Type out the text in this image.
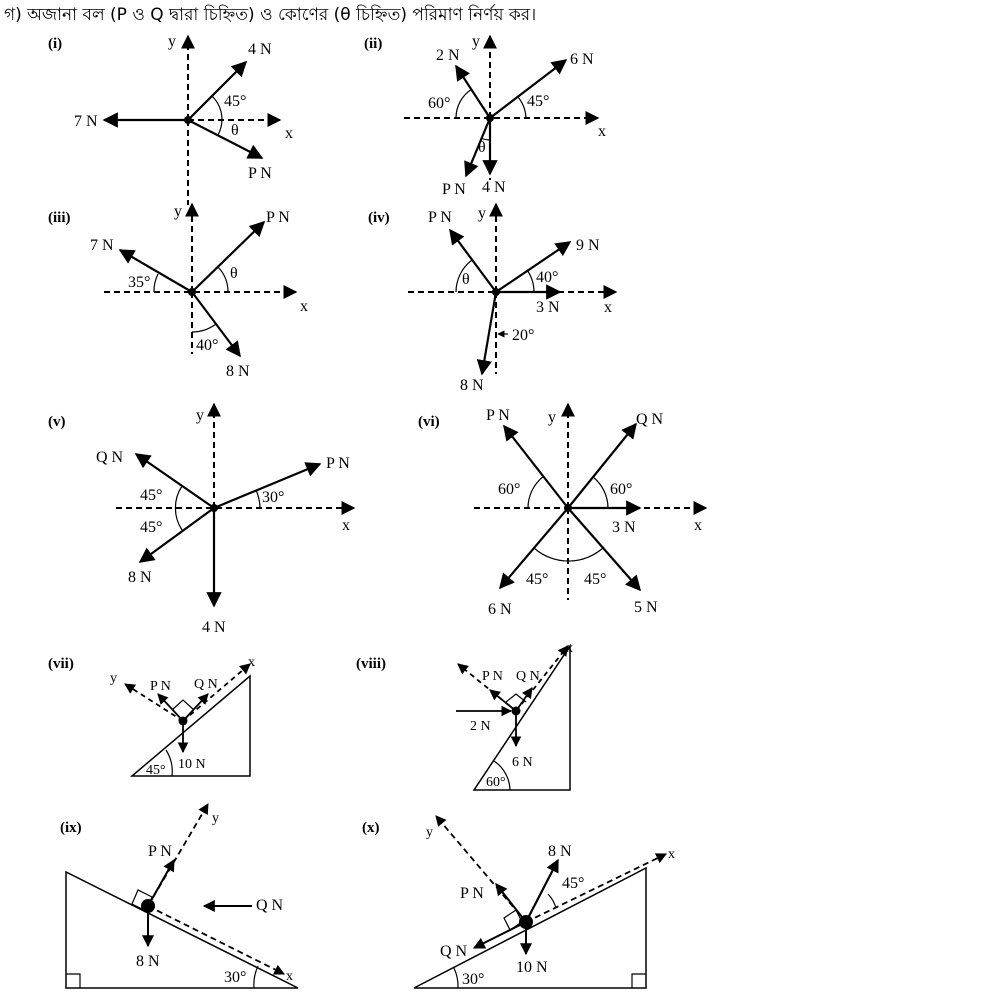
গ) অজানা বল (P ও Q দ্বারা চিহ্নিত) ও কোণের (θ চিহ্নিত) পরিমাণ নির্ণয় কর।
(i)	y
x
7 N
4 N
P N
45°
θ
(ii)	y
x
2 N	6 N
P N 4 N
60°	45°
θ
(iii)	y
x
7 N
P N
8 N
35°
θ
40°
(iv)	y
x
P N
9 N
3 N
8 N
θ	40°
20°
(v)	y
x
Q N	P N
8 N
4 N
45°
45°
30°
(vi)	y
x
P N	Q N
3 N
6 N	5 N
60°	60°
45° 45°
(vii)	x
y
P N Q N
10 N
45°
(viii)
x
P N Q N
2 N
6 N
60°
(ix)
x
y
P N
Q N
8 N
30°
(x)
x
y
8 N
P N
Q N
10 N
45°
30°
